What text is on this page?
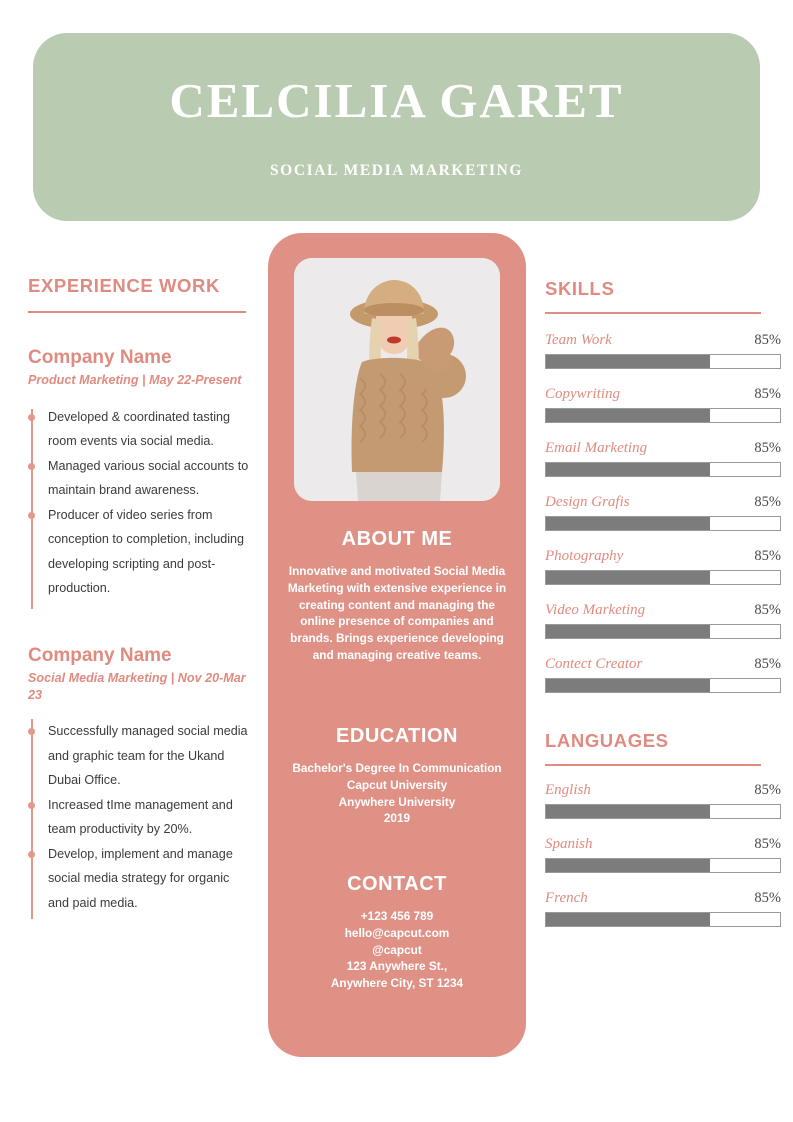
CELCILIA GARET
SOCIAL MEDIA MARKETING
EXPERIENCE WORK
Company Name
Product Marketing | May 22-Present
Developed & coordinated tasting room events via social media.
Managed various social accounts to maintain brand awareness.
Producer of video series from conception to completion, including developing scripting and post-production.
Company Name
Social Media Marketing | Nov 20-Mar 23
Successfully managed social media and graphic team for the Ukand Dubai Office.
Increased tIme management and team productivity by 20%.
Develop, implement and manage social media strategy for organic and paid media.
ABOUT ME

Innovative and motivated Social Media Marketing with extensive experience in creating content and managing the online presence of companies and brands. Brings experience developing and managing creative teams.

EDUCATION

Bachelor's Degree In Communication

Capcut University

Anywhere University

2019

CONTACT

+123 456 789

hello@capcut.com

@capcut

123 Anywhere St.,

Anywhere City, ST 1234

SKILLS
Team Work	85%
Copywriting	85%
Email Marketing	85%
Design Grafis	85%
Photography	85%
Video Marketing	85%
Contect Creator	85%
LANGUAGES
English	85%
Spanish	85%
French	85%
